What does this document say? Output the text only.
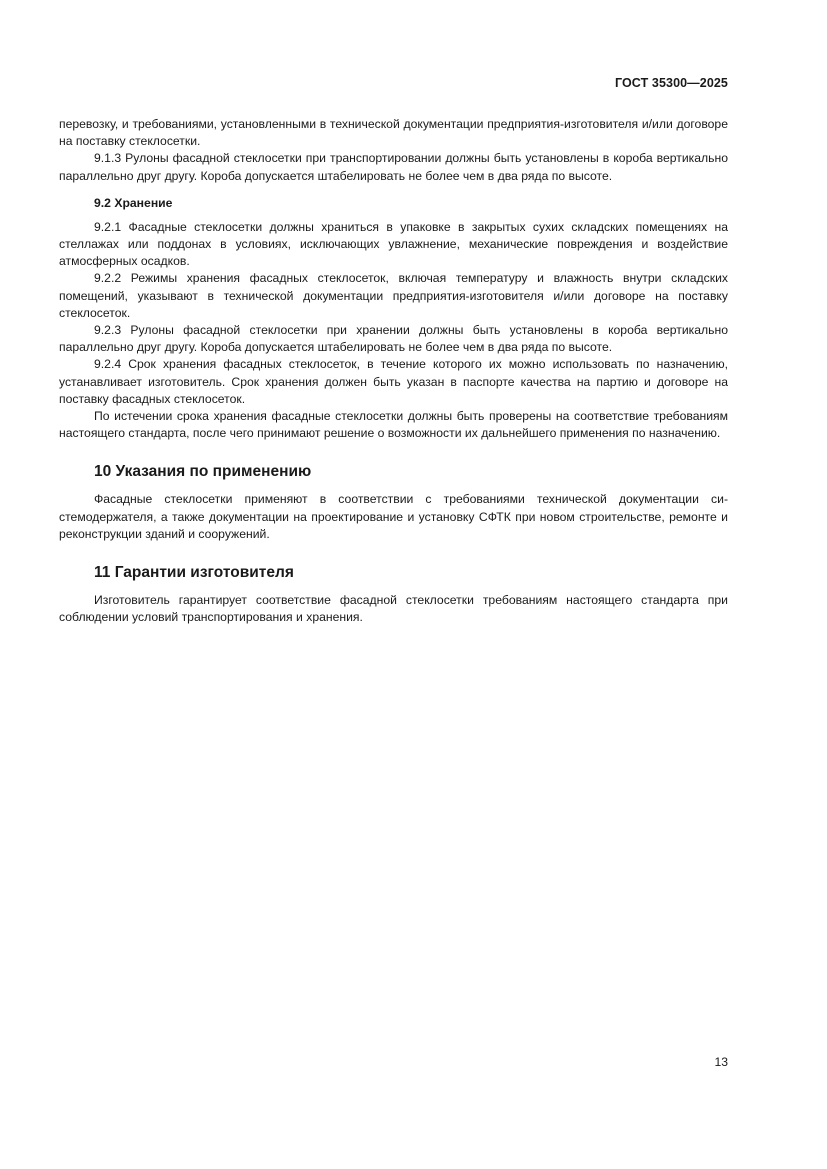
ГОСТ 35300—2025

перевозку, и требованиями, установленными в технической документации предприятия-изготовителя и/или договоре на поставку стеклосетки.

9.1.3 Рулоны фасадной стеклосетки при транспортировании должны быть установлены в короба вертикально параллельно друг другу. Короба допускается штабелировать не более чем в два ряда по высоте.

9.2 Хранение

9.2.1 Фасадные стеклосетки должны храниться в упаковке в закрытых сухих складских помещениях на стеллажах или поддонах в условиях, исключающих увлажнение, механические повреждения и воздействие атмосферных осадков.

9.2.2 Режимы хранения фасадных стеклосеток, включая температуру и влажность внутри складских помещений, указывают в технической документации предприятия-изготовителя и/или договоре на поставку стеклосеток.

9.2.3 Рулоны фасадной стеклосетки при хранении должны быть установлены в короба вертикально параллельно друг другу. Короба допускается штабелировать не более чем в два ряда по высоте.

9.2.4 Срок хранения фасадных стеклосеток, в течение которого их можно использовать по назначению, устанавливает изготовитель. Срок хранения должен быть указан в паспорте качества на партию и договоре на поставку фасадных стеклосеток.

По истечении срока хранения фасадные стеклосетки должны быть проверены на соответствие требованиям настоящего стандарта, после чего принимают решение о возможности их дальнейшего применения по назначению.

10 Указания по применению

Фасадные стеклосетки применяют в соответствии с требованиями технической документации системодержателя, а также документации на проектирование и установку СФТК при новом строительстве, ремонте и реконструкции зданий и сооружений.

11 Гарантии изготовителя

Изготовитель гарантирует соответствие фасадной стеклосетки требованиям настоящего стандарта при соблюдении условий транспортирования и хранения.

13
